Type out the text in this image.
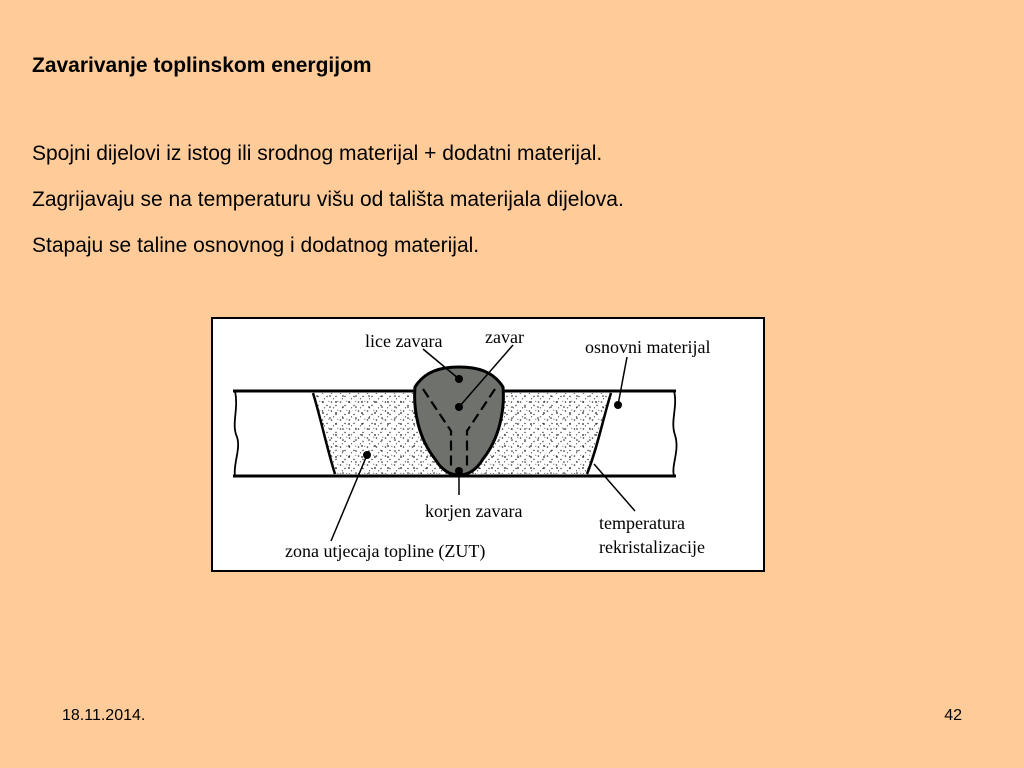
Zavarivanje toplinskom energijom
Spojni dijelovi iz istog ili srodnog materijal + dodatni materijal.
Zagrijavaju se na temperaturu višu od tališta materijala dijelova.
Stapaju se taline osnovnog i dodatnog materijal.
lice zavara zavar	osnovni materijal
korjen zavara
temperatura
rekristalizacije
zona utjecaja topline (ZUT)
18.11.2014.	42
